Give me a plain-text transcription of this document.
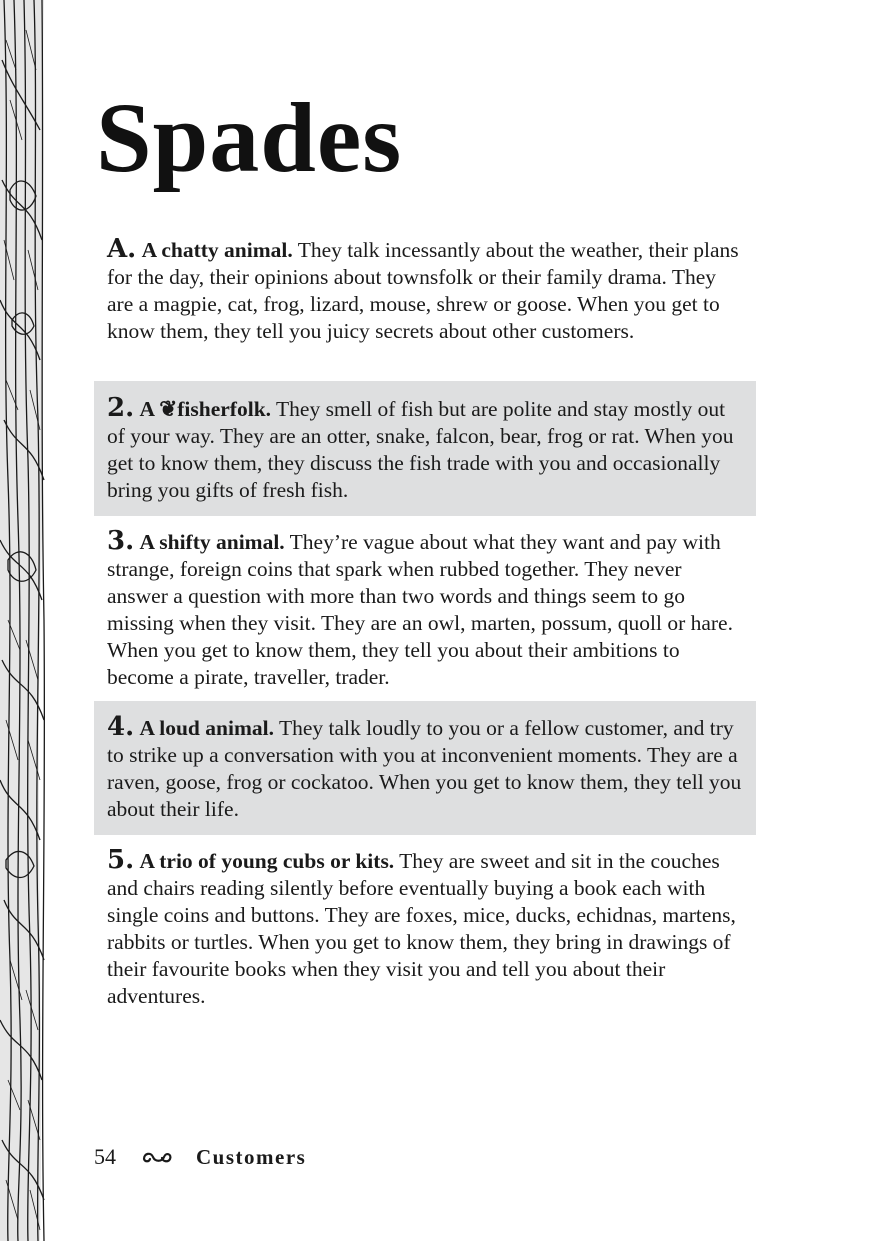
Spades
A. A chatty animal. They talk incessantly about the weather, their plans for the day, their opinions about townsfolk or their family drama. They are a magpie, cat, frog, lizard, mouse, shrew or goose. When you get to know them, they tell you juicy secrets about other customers.
2. A ❦fisherfolk. They smell of fish but are polite and stay mostly out of your way. They are an otter, snake, falcon, bear, frog or rat. When you get to know them, they discuss the fish trade with you and occasionally bring you gifts of fresh fish.
3. A shifty animal. They’re vague about what they want and pay with strange, foreign coins that spark when rubbed together. They never answer a question with more than two words and things seem to go missing when they visit. They are an owl, marten, possum, quoll or hare. When you get to know them, they tell you about their ambitions to become a pirate, traveller, trader.
4. A loud animal. They talk loudly to you or a fellow customer, and try to strike up a conversation with you at inconvenient moments. They are a raven, goose, frog or cockatoo. When you get to know them, they tell you about their life.
5. A trio of young cubs or kits. They are sweet and sit in the couches and chairs reading silently before eventually buying a book each with single coins and buttons. They are foxes, mice, ducks, echidnas, martens, rabbits or turtles. When you get to know them, they bring in drawings of their favourite books when they visit you and tell you about their adventures.
54	Customers
